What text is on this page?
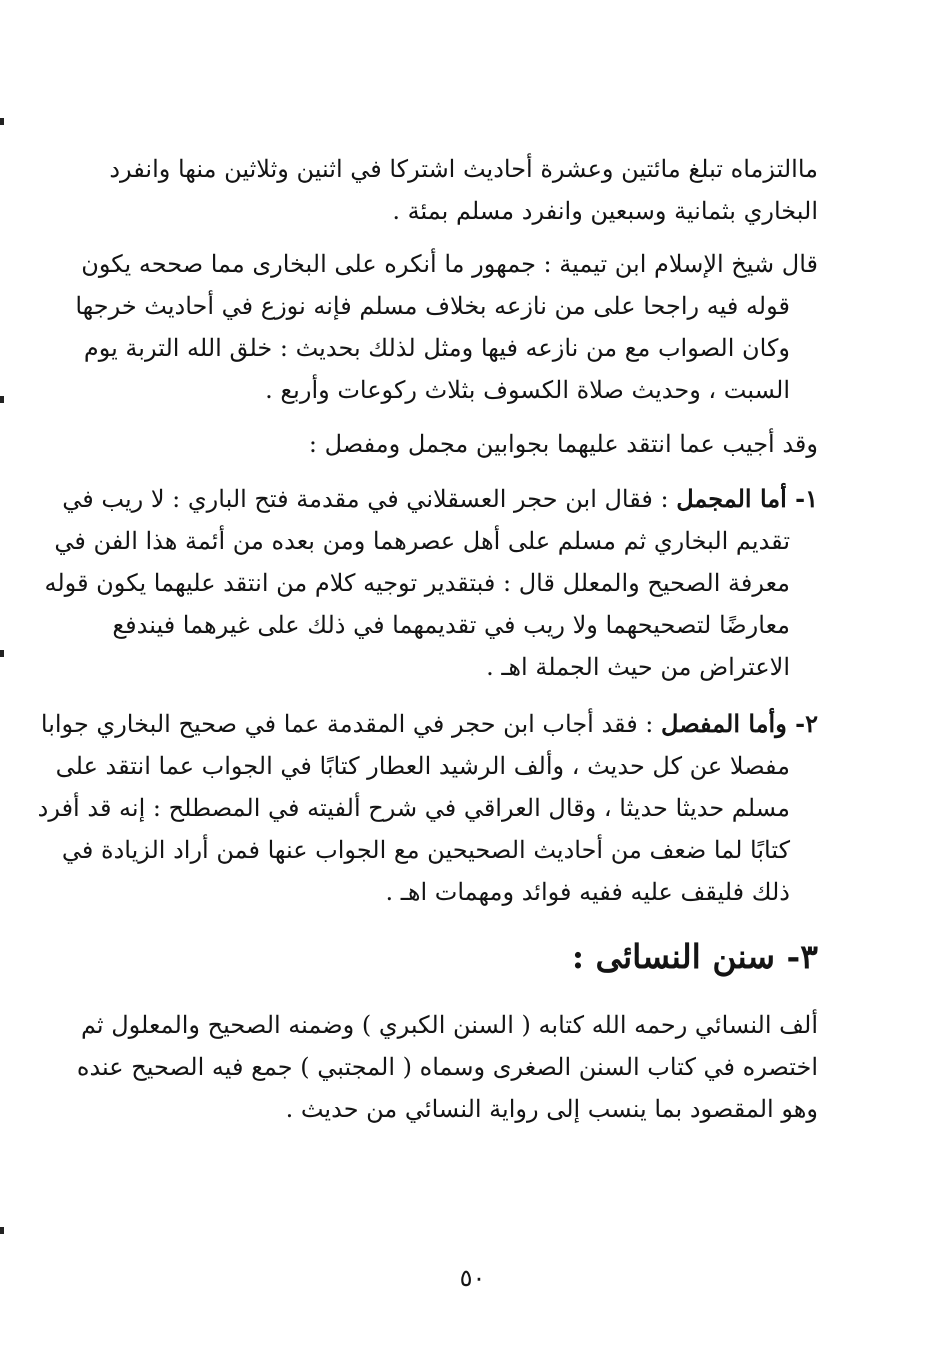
ماالتزماه تبلغ مائتين وعشرة أحاديث اشتركا في اثنين وثلاثين منها وانفرد
البخاري بثمانية وسبعين وانفرد مسلم بمئة .

قال شيخ الإسلام ابن تيمية : جمهور ما أنكره على البخارى مما صححه يكون
قوله فيه راجحا على من نازعه بخلاف مسلم فإنه نوزع في أحاديث خرجها
وكان الصواب مع من نازعه فيها ومثل لذلك بحديث : خلق الله التربة يوم
السبت ، وحديث صلاة الكسوف بثلاث ركوعات وأربع .

وقد أجيب عما انتقد عليهما بجوابين مجمل ومفصل :

١- أما المجمل : فقال ابن حجر العسقلاني في مقدمة فتح الباري : لا ريب في
تقديم البخاري ثم مسلم على أهل عصرهما ومن بعده من أئمة هذا الفن في
معرفة الصحيح والمعلل قال : فبتقدير توجيه كلام من انتقد عليهما يكون قوله
معارضًا لتصحيحهما ولا ريب في تقديمهما في ذلك على غيرهما فيندفع
الاعتراض من حيث الجملة اهـ .

٢- وأما المفصل : فقد أجاب ابن حجر في المقدمة عما في صحيح البخاري جوابا
مفصلا عن كل حديث ، وألف الرشيد العطار كتابًا في الجواب عما انتقد على
مسلم حديثا حديثا ، وقال العراقي في شرح ألفيته في المصطلح : إنه قد أفرد
كتابًا لما ضعف من أحاديث الصحيحين مع الجواب عنها فمن أراد الزيادة في
ذلك فليقف عليه ففيه فوائد ومهمات اهـ .

٣- سنن النسائى :

ألف النسائي رحمه الله كتابه ( السنن الكبري ) وضمنه الصحيح والمعلول ثم
اختصره في كتاب السنن الصغرى وسماه ( المجتبي ) جمع فيه الصحيح عنده
وهو المقصود بما ينسب إلى رواية النسائي من حديث .

٥٠
